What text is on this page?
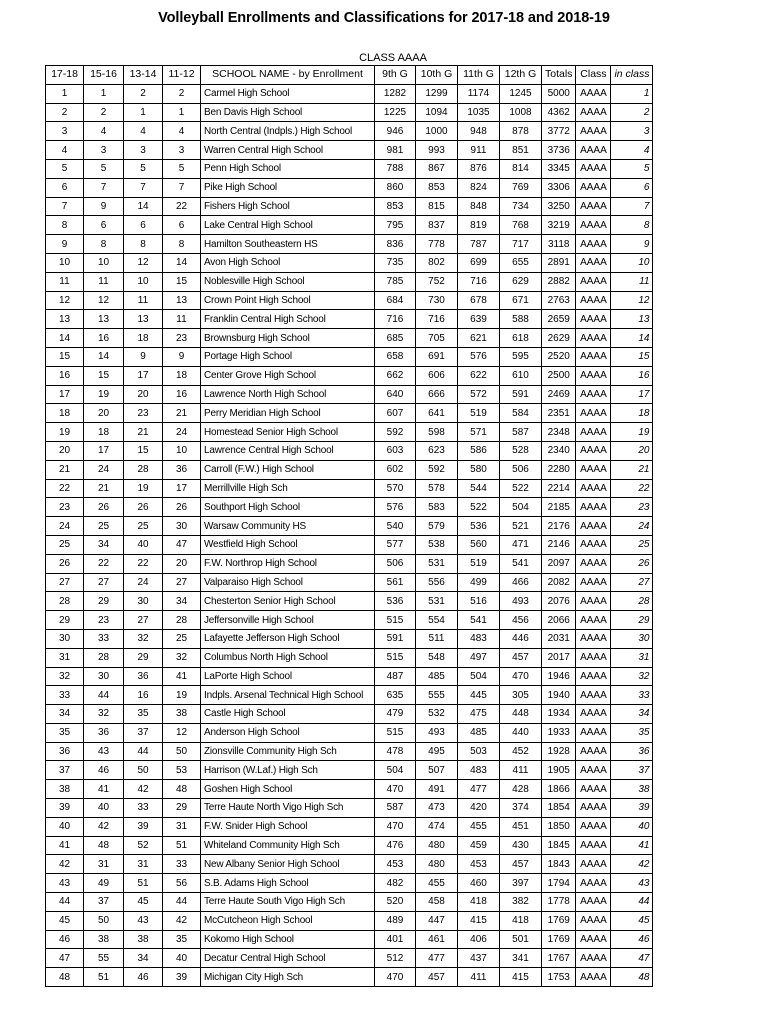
Volleyball Enrollments and Classifications for 2017-18 and 2018-19
CLASS AAAA
17-18	15-16	13-14	11-12	SCHOOL NAME - by Enrollment	9th G	10th G	11th G	12th G	Totals	Class	in class
1	1	2	2	Carmel High School	1282	1299	1174	1245	5000	AAAA	1
2	2	1	1	Ben Davis High School	1225	1094	1035	1008	4362	AAAA	2
3	4	4	4	North Central (Indpls.) High School	946	1000	948	878	3772	AAAA	3
4	3	3	3	Warren Central High School	981	993	911	851	3736	AAAA	4
5	5	5	5	Penn High School	788	867	876	814	3345	AAAA	5
6	7	7	7	Pike High School	860	853	824	769	3306	AAAA	6
7	9	14	22	Fishers High School	853	815	848	734	3250	AAAA	7
8	6	6	6	Lake Central High School	795	837	819	768	3219	AAAA	8
9	8	8	8	Hamilton Southeastern HS	836	778	787	717	3118	AAAA	9
10	10	12	14	Avon High School	735	802	699	655	2891	AAAA	10
11	11	10	15	Noblesville High School	785	752	716	629	2882	AAAA	11
12	12	11	13	Crown Point High School	684	730	678	671	2763	AAAA	12
13	13	13	11	Franklin Central High School	716	716	639	588	2659	AAAA	13
14	16	18	23	Brownsburg High School	685	705	621	618	2629	AAAA	14
15	14	9	9	Portage High School	658	691	576	595	2520	AAAA	15
16	15	17	18	Center Grove High School	662	606	622	610	2500	AAAA	16
17	19	20	16	Lawrence North High School	640	666	572	591	2469	AAAA	17
18	20	23	21	Perry Meridian High School	607	641	519	584	2351	AAAA	18
19	18	21	24	Homestead Senior High School	592	598	571	587	2348	AAAA	19
20	17	15	10	Lawrence Central High School	603	623	586	528	2340	AAAA	20
21	24	28	36	Carroll (F.W.) High School	602	592	580	506	2280	AAAA	21
22	21	19	17	Merrillville High Sch	570	578	544	522	2214	AAAA	22
23	26	26	26	Southport High School	576	583	522	504	2185	AAAA	23
24	25	25	30	Warsaw Community HS	540	579	536	521	2176	AAAA	24
25	34	40	47	Westfield High School	577	538	560	471	2146	AAAA	25
26	22	22	20	F.W. Northrop High School	506	531	519	541	2097	AAAA	26
27	27	24	27	Valparaiso High School	561	556	499	466	2082	AAAA	27
28	29	30	34	Chesterton Senior High School	536	531	516	493	2076	AAAA	28
29	23	27	28	Jeffersonville High School	515	554	541	456	2066	AAAA	29
30	33	32	25	Lafayette Jefferson High School	591	511	483	446	2031	AAAA	30
31	28	29	32	Columbus North High School	515	548	497	457	2017	AAAA	31
32	30	36	41	LaPorte High School	487	485	504	470	1946	AAAA	32
33	44	16	19	Indpls. Arsenal Technical High School	635	555	445	305	1940	AAAA	33
34	32	35	38	Castle High School	479	532	475	448	1934	AAAA	34
35	36	37	12	Anderson High School	515	493	485	440	1933	AAAA	35
36	43	44	50	Zionsville Community High Sch	478	495	503	452	1928	AAAA	36
37	46	50	53	Harrison (W.Laf.) High Sch	504	507	483	411	1905	AAAA	37
38	41	42	48	Goshen High School	470	491	477	428	1866	AAAA	38
39	40	33	29	Terre Haute North Vigo High Sch	587	473	420	374	1854	AAAA	39
40	42	39	31	F.W. Snider High School	470	474	455	451	1850	AAAA	40
41	48	52	51	Whiteland Community High Sch	476	480	459	430	1845	AAAA	41
42	31	31	33	New Albany Senior High School	453	480	453	457	1843	AAAA	42
43	49	51	56	S.B. Adams High School	482	455	460	397	1794	AAAA	43
44	37	45	44	Terre Haute South Vigo High Sch	520	458	418	382	1778	AAAA	44
45	50	43	42	McCutcheon High School	489	447	415	418	1769	AAAA	45
46	38	38	35	Kokomo High School	401	461	406	501	1769	AAAA	46
47	55	34	40	Decatur Central High School	512	477	437	341	1767	AAAA	47
48	51	46	39	Michigan City High Sch	470	457	411	415	1753	AAAA	48
